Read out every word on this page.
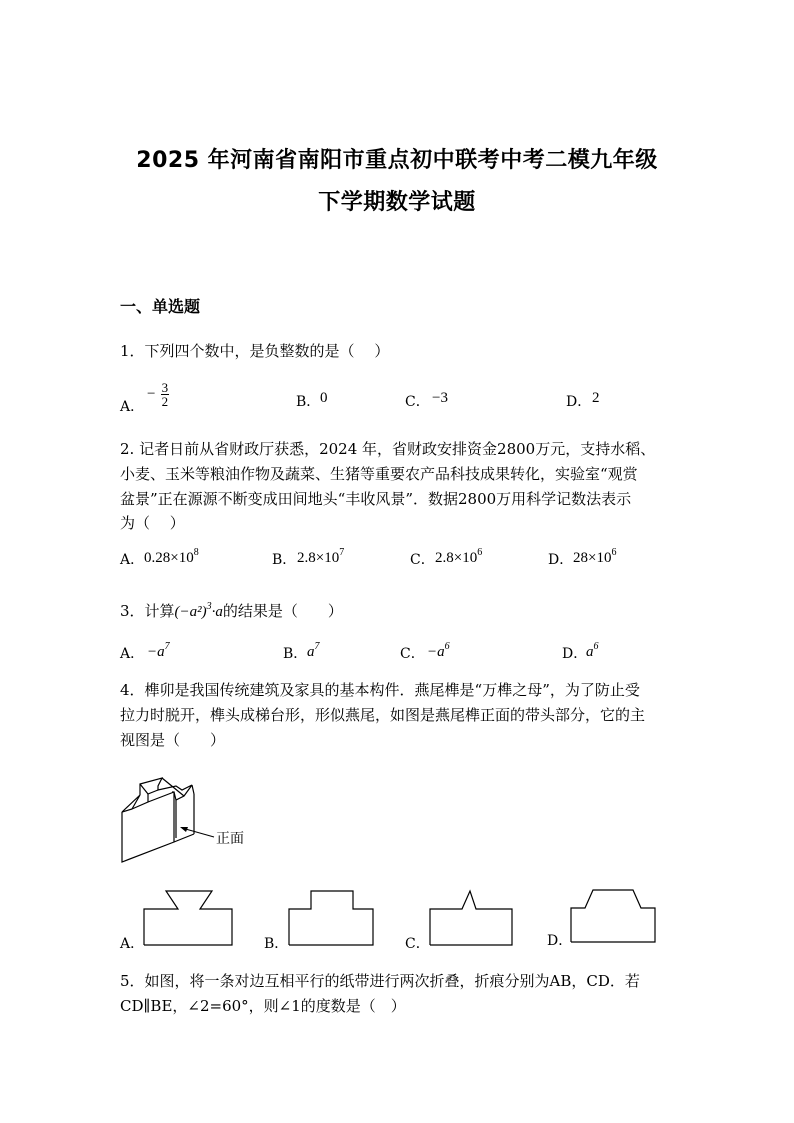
2025 年河南省南阳市重点初中联考中考二模九年级
下学期数学试题
一、单选题
1．下列四个数中，是负整数的是（　 ）
A．
− $\frac{3}{2}$	B． 0	C． −3	D． 2
2. 记者日前从省财政厅获悉，2024 年，省财政安排资金2800万元，支持水稻、
小麦、玉米等粮油作物及蔬菜、生猪等重要农产品科技成果转化，实验室“观赏
盆景”正在源源不断变成田间地头“丰收风景”．数据2800万用科学记数法表示
为（　 ）
A． $0.28\times 10^8$	B． $2.8\times 10^7$	C． $2.8\times 10^6$	D． $28\times 10^6$
3．计算$(-a^2)^3\cdot a$的结果是（　　）
A． $-a^7$	B． $a^7$	C． $-a^6$	D．
$a^6$
4．榫卯是我国传统建筑及家具的基本构件．燕尾榫是“万榫之母”，为了防止受
拉力时脱开，榫头成梯台形，形似燕尾，如图是燕尾榫正面的带头部分，它的主
视图是（　　）
正面
A．	B．	C．	D．
5．如图，将一条对边互相平行的纸带进行两次折叠，折痕分别为AB，CD．若
CD∥BE，∠2=60°，则∠1的度数是（　）
